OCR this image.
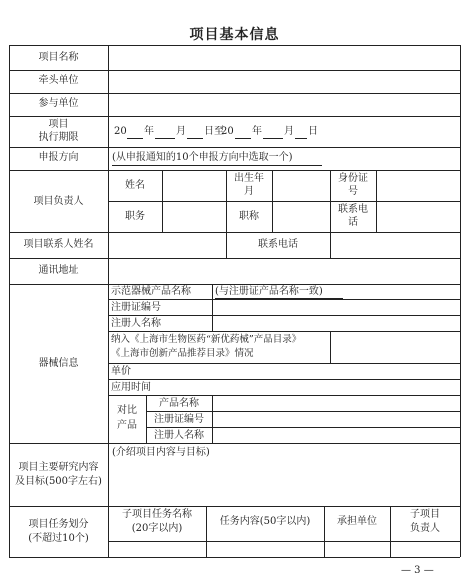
项目基本信息
项目名称
牵头单位
参与单位
项目
执行期限
申报方向
项目负责人
项目联系人姓名
通讯地址
器械信息
项目主要研究内容
及目标(500字左右)
项目任务划分
(不超过10个)
20 年 月 日至
20 年 月 日
(从申报通知的10个申报方向中选取一个)
姓名
出生年
月
身份证
号
职务	职称
联系电
话
联系电话
示范器械产品名称 (与注册证产品名称一致)
注册证编号
注册人名称
纳入《上海市生物医药“新优药械”产品目录》
《上海市创新产品推荐目录》情况
单价
应用时间
对比
产品
产品名称
注册证编号
注册人名称
(介绍项目内容与目标)
子项目任务名称
(20字以内)
任务内容(50字以内)	承担单位
子项目
负责人
— 3 —
